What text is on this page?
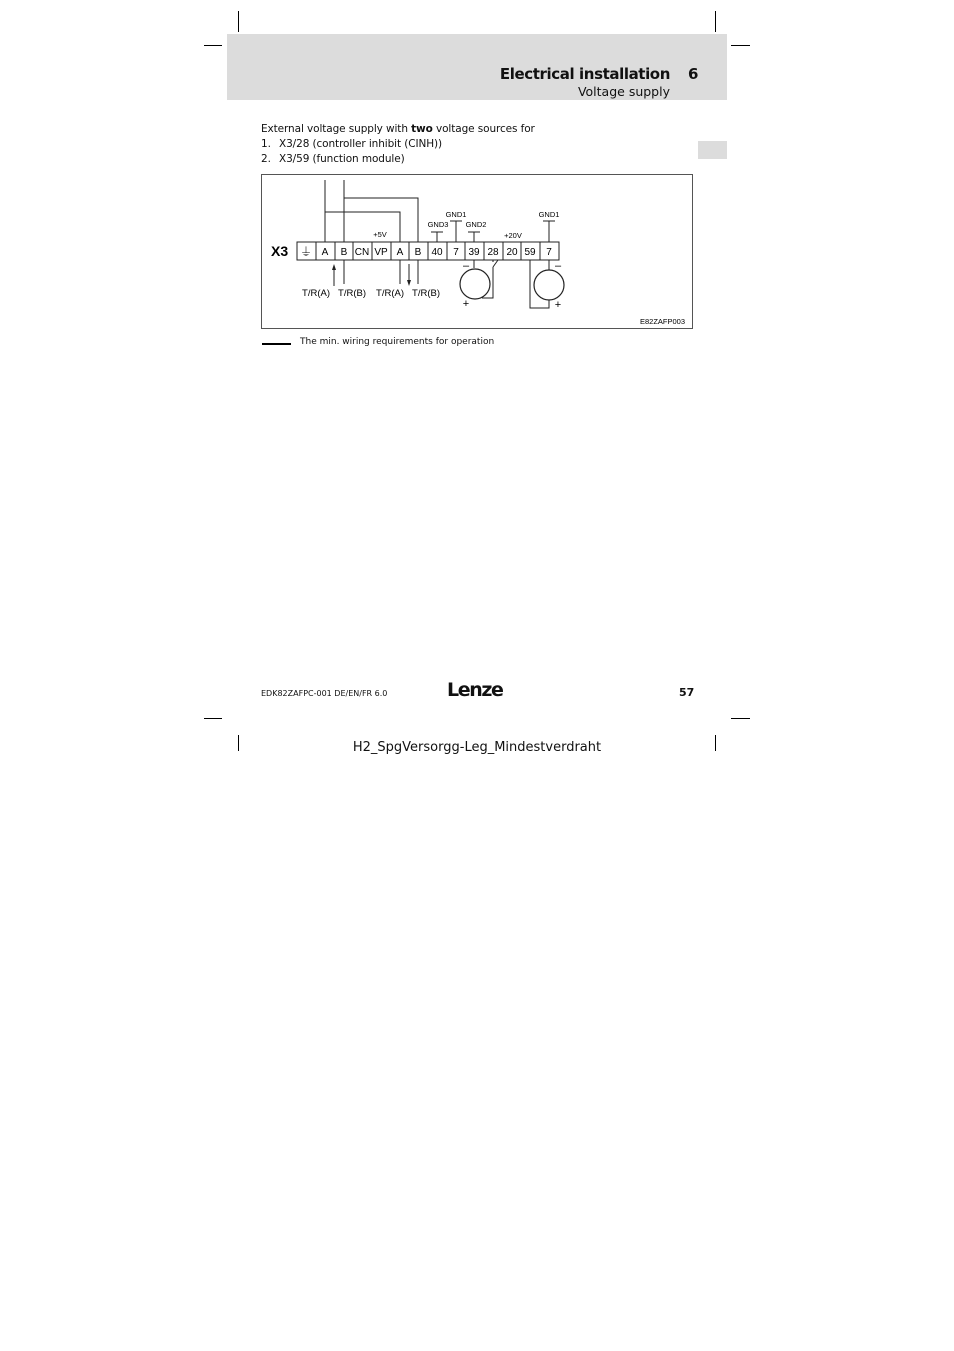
Electrical installation 6
Voltage supply
External voltage supply with two voltage sources for
1. X3/28 (controller inhibit (CINH))
2. X3/59 (function module)
X3 ⏚ A B CN VP A B 40 7 39 28 20 59 7
+5V
GND3
GND1
GND2
+20V
GND1
T/R(A) T/R(B) T/R(A) T/R(B)
–
+
–
+
E82ZAFP003
The min. wiring requirements for operation
EDK82ZAFPC-001 DE/EN/FR 6.0	Lenze	57
H2_SpgVersorgg-Leg_Mindestverdraht
